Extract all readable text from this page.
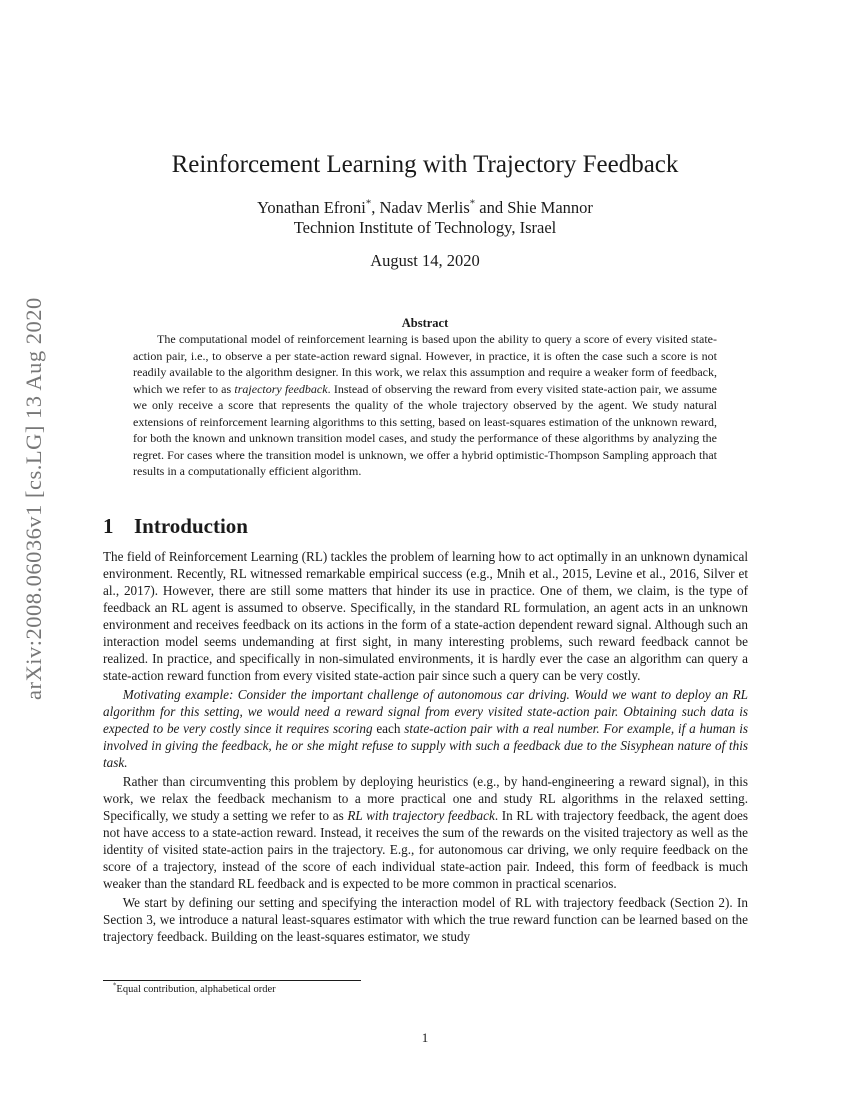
arXiv:2008.06036v1 [cs.LG] 13 Aug 2020
Reinforcement Learning with Trajectory Feedback
Yonathan Efroni*, Nadav Merlis* and Shie Mannor
Technion Institute of Technology, Israel
August 14, 2020
Abstract

The computational model of reinforcement learning is based upon the ability to query a score of every visited state-action pair, i.e., to observe a per state-action reward signal. However, in practice, it is often the case such a score is not readily available to the algorithm designer. In this work, we relax this assumption and require a weaker form of feedback, which we refer to as trajectory feedback. Instead of observing the reward from every visited state-action pair, we assume we only receive a score that represents the quality of the whole trajectory observed by the agent. We study natural extensions of reinforcement learning algorithms to this setting, based on least-squares estimation of the unknown reward, for both the known and unknown transition model cases, and study the performance of these algorithms by analyzing the regret. For cases where the transition model is unknown, we offer a hybrid optimistic-Thompson Sampling approach that results in a computationally efficient algorithm.

1 Introduction

The field of Reinforcement Learning (RL) tackles the problem of learning how to act optimally in an unknown dynamical environment. Recently, RL witnessed remarkable empirical success (e.g., Mnih et al., 2015, Levine et al., 2016, Silver et al., 2017). However, there are still some matters that hinder its use in practice. One of them, we claim, is the type of feedback an RL agent is assumed to observe. Specifically, in the standard RL formulation, an agent acts in an unknown environment and receives feedback on its actions in the form of a state-action dependent reward signal. Although such an interaction model seems undemanding at first sight, in many interesting problems, such reward feedback cannot be realized. In practice, and specifically in non-simulated environments, it is hardly ever the case an algorithm can query a state-action reward function from every visited state-action pair since such a query can be very costly.

Motivating example: Consider the important challenge of autonomous car driving. Would we want to deploy an RL algorithm for this setting, we would need a reward signal from every visited state-action pair. Obtaining such data is expected to be very costly since it requires scoring each state-action pair with a real number. For example, if a human is involved in giving the feedback, he or she might refuse to supply with such a feedback due to the Sisyphean nature of this task.

Rather than circumventing this problem by deploying heuristics (e.g., by hand-engineering a reward signal), in this work, we relax the feedback mechanism to a more practical one and study RL algorithms in the relaxed setting. Specifically, we study a setting we refer to as RL with trajectory feedback. In RL with trajectory feedback, the agent does not have access to a state-action reward. Instead, it receives the sum of the rewards on the visited trajectory as well as the identity of visited state-action pairs in the trajectory. E.g., for autonomous car driving, we only require feedback on the score of a trajectory, instead of the score of each individual state-action pair. Indeed, this form of feedback is much weaker than the standard RL feedback and is expected to be more common in practical scenarios.

We start by defining our setting and specifying the interaction model of RL with trajectory feedback (Section 2). In Section 3, we introduce a natural least-squares estimator with which the true reward function can be learned based on the trajectory feedback. Building on the least-squares estimator, we study

*Equal contribution, alphabetical order
1
